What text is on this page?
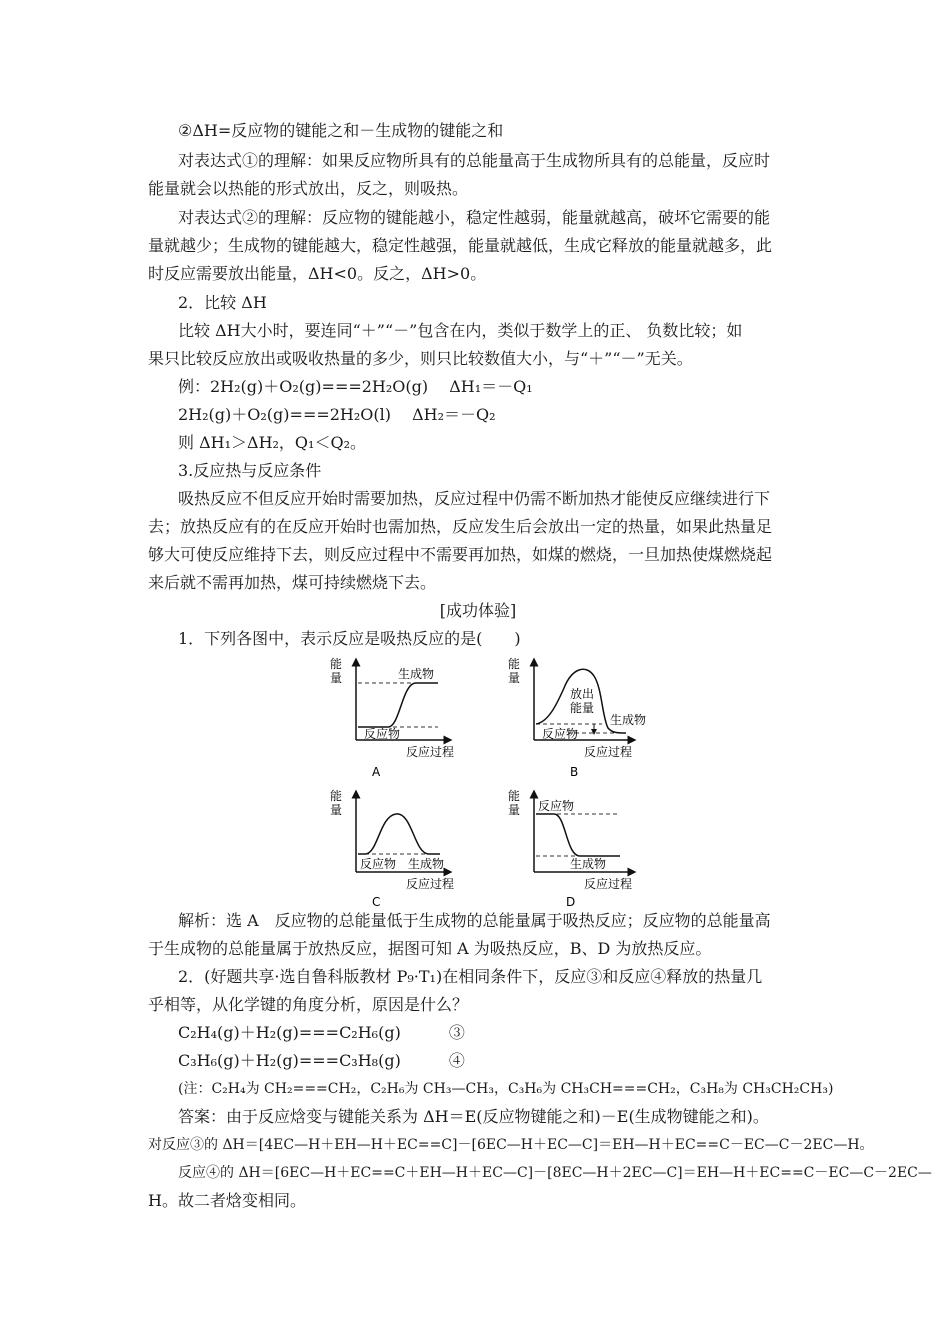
②ΔH=反应物的键能之和－生成物的键能之和
对表达式①的理解：如果反应物所具有的总能量高于生成物所具有的总能量，反应时
能量就会以热能的形式放出，反之，则吸热。
对表达式②的理解：反应物的键能越小，稳定性越弱，能量就越高，破坏它需要的能
量就越少；生成物的键能越大，稳定性越强，能量就越低，生成它释放的能量就越多，此
时反应需要放出能量，ΔH<0。反之，ΔH>0。
2．比较 ΔH
比较 ΔH大小时，要连同“＋”“－”包含在内，类似于数学上的正、 负数比较；如
果只比较反应放出或吸收热量的多少，则只比较数值大小，与“＋”“－”无关。
例：2H₂(g)＋O₂(g)===2H₂O(g)　 ΔH₁＝－Q₁
2H₂(g)＋O₂(g)===2H₂O(l)　 ΔH₂＝－Q₂
则 ΔH₁＞ΔH₂，Q₁＜Q₂。
3.反应热与反应条件
吸热反应不但反应开始时需要加热，反应过程中仍需不断加热才能使反应继续进行下
去；放热反应有的在反应开始时也需加热，反应发生后会放出一定的热量，如果此热量足
够大可使反应维持下去，则反应过程中不需要再加热，如煤的燃烧，一旦加热使煤燃烧起
来后就不需再加热，煤可持续燃烧下去。
[成功体验]
1．下列各图中，表示反应是吸热反应的是(　　)
能
量	生成物
反应物
反应过程
A
能
量
放出
能量
生成物
反应物
反应过程
B
能
量
反应物 生成物
反应过程
C
能
量 反应物
生成物
反应过程
D
解析：选 A　反应物的总能量低于生成物的总能量属于吸热反应；反应物的总能量高
于生成物的总能量属于放热反应，据图可知 A 为吸热反应，B、D 为放热反应。
2．(好题共享·选自鲁科版教材 P₉·T₁)在相同条件下，反应③和反应④释放的热量几
乎相等，从化学键的角度分析，原因是什么？
C₂H₄(g)＋H₂(g)===C₂H₆(g)　　　③
C₃H₆(g)＋H₂(g)===C₃H₈(g)　　　④
(注：C₂H₄为 CH₂===CH₂，C₂H₆为 CH₃—CH₃，C₃H₆为 CH₃CH===CH₂，C₃H₈为 CH₃CH₂CH₃)
答案：由于反应焓变与键能关系为 ΔH＝E(反应物键能之和)－E(生成物键能之和)。
对反应③的 ΔH＝[4EC—H＋EH—H＋EC==C]－[6EC—H＋EC—C]＝EH—H＋EC==C－EC—C－2EC—H。
反应④的 ΔH＝[6EC—H＋EC==C＋EH—H＋EC—C]－[8EC—H＋2EC—C]＝EH—H＋EC==C－EC—C－2EC—
H。故二者焓变相同。
